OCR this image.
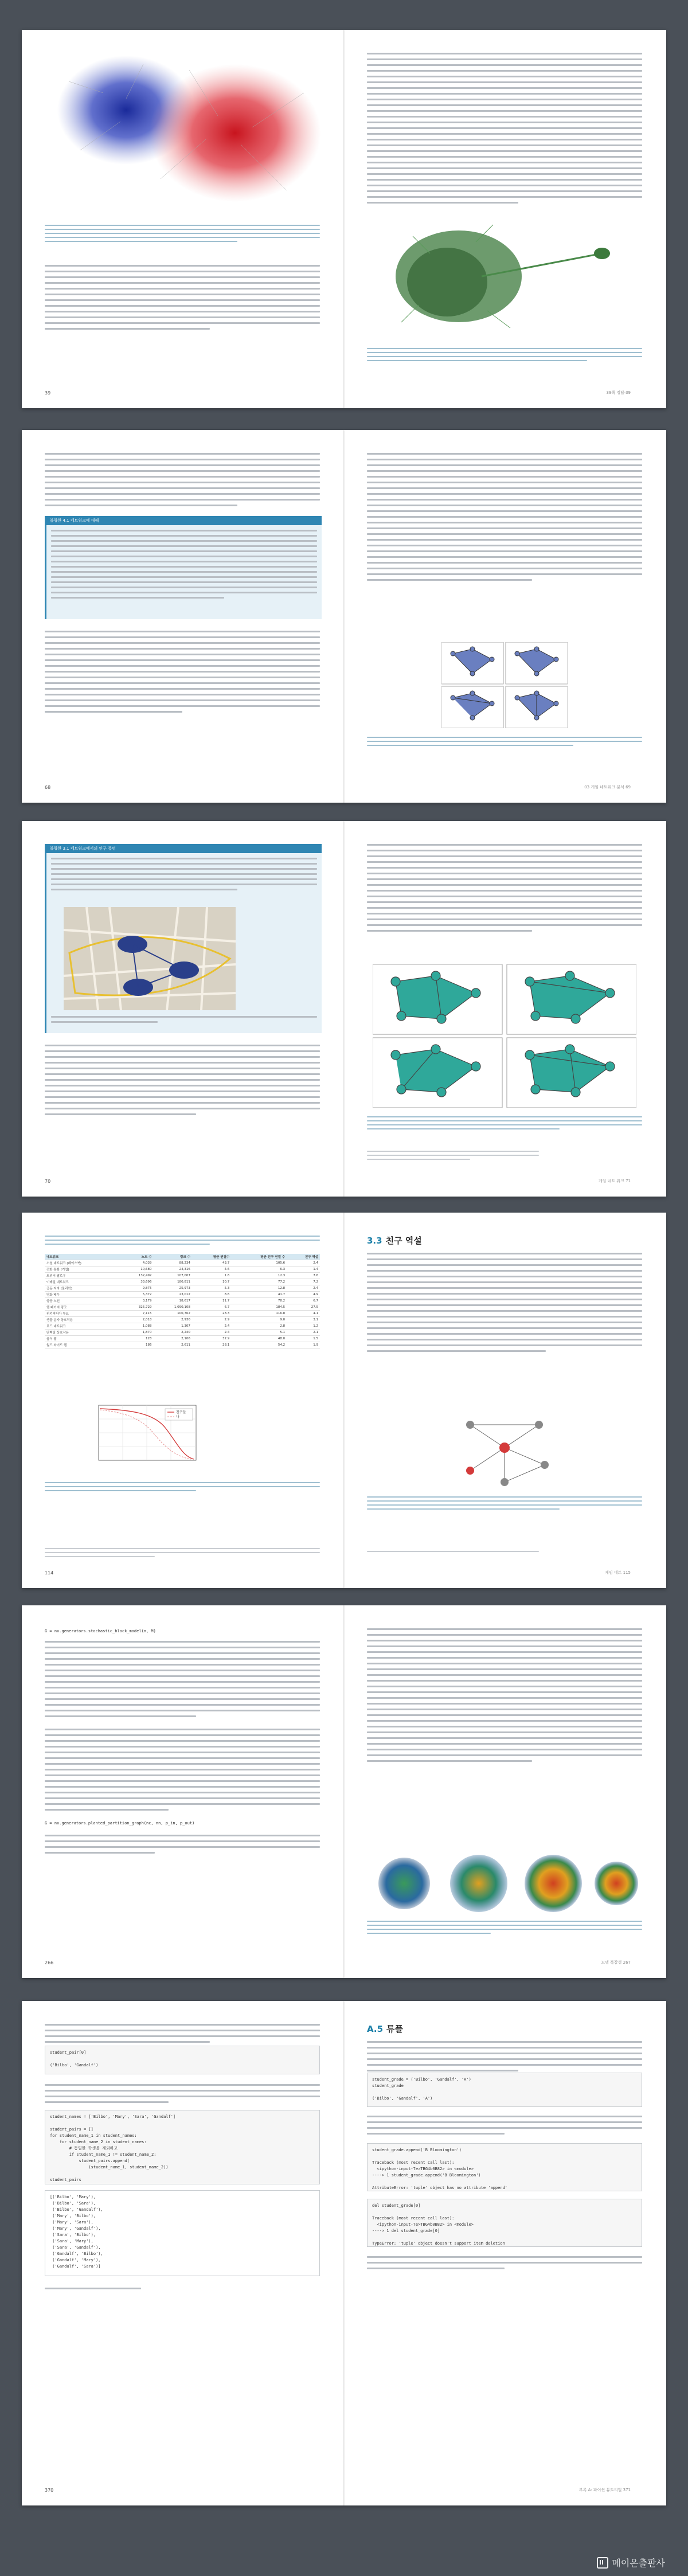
39	39쪽 정답·39
불량한 4.1 네트워크에 대해
68	03 게임 네트워크 분석 69
불량한 3.1 네트워크에서의 연구 증명
70	게임 네트 워크 71
네트워크	노드 수	링크 수	평균 연결수	평균 친구 연결 수	친구 역설
소셜 네트워크 (페이스북)	4,039	88,234	43.7	105.6	2.4
전화 통화 (기업)	10,680	24,316	4.6	6.3	1.4
트위터 팔로우	132,492	107,007	1.6	12.3	7.6
이메일 네트워크	33,696	180,811	10.7	77.2	7.2
공동 저자 (물리학)	9,875	25,973	5.3	12.8	2.4
영화 배우	5,372	23,012	8.6	41.7	4.9
항공 노선	3,179	18,617	11.7	78.2	6.7
웹 페이지 링크	325,729	1,090,108	6.7	184.5	27.5
위키피디아 투표	7,115	100,762	28.3	116.8	4.1
생물 분자 상호작용	2,018	2,930	2.9	9.0	3.1
로드 네트워크	1,088	1,307	2.4	2.8	1.2
단백질 상호작용	1,870	2,240	2.4	5.1	2.1
음식 웹	128	2,106	32.9	48.0	1.5
월드 와이드 웹	186	2,611	28.1	54.2	1.9
친구들
나
114
3.3 친구 역설
게임 네트 115
G = nx.generators.stochastic_block_model(n, M)
G = nx.generators.planted_partition_graph(nc, nn, p_in, p_out)
266	모델 복잡성 267
student_pair[0]

('Bilbo', 'Gandalf')
student_names = ['Bilbo', 'Mary', 'Sara', 'Gandalf']

student_pairs = []
for student_name_1 in student_names:
for student_name_2 in student_names:
# 동일한 학생을 제외하고
if student_name_1 != student_name_2:
student_pairs.append(
(student_name_1, student_name_2))

student_pairs
[('Bilbo', 'Mary'),
('Bilbo', 'Sara'),
('Bilbo', 'Gandalf'),
('Mary', 'Bilbo'),
('Mary', 'Sara'),
('Mary', 'Gandalf'),
('Sara', 'Bilbo'),
('Sara', 'Mary'),
('Sara', 'Gandalf'),
('Gandalf', 'Bilbo'),
('Gandalf', 'Mary'),
('Gandalf', 'Sara')]
370
A.5 튜플
student_grade = ('Bilbo', 'Gandalf', 'A')
student_grade

('Bilbo', 'Gandalf', 'A')
student_grade.append('B Bloomington')

Traceback (most recent call last):
<ipython-input-7e>TBG4b0B82> in <module>
----> 1 student_grade.append('B Bloomington')

AttributeError: 'tuple' object has no attribute 'append'
del student_grade[0]

Traceback (most recent call last):
<ipython-input-7e>TBG4b0B82> in <module>
----> 1 del student_grade[0]

TypeError: 'tuple' object doesn't support item deletion
부록 A: 파이썬 튜토리얼 371
메이온출판사
